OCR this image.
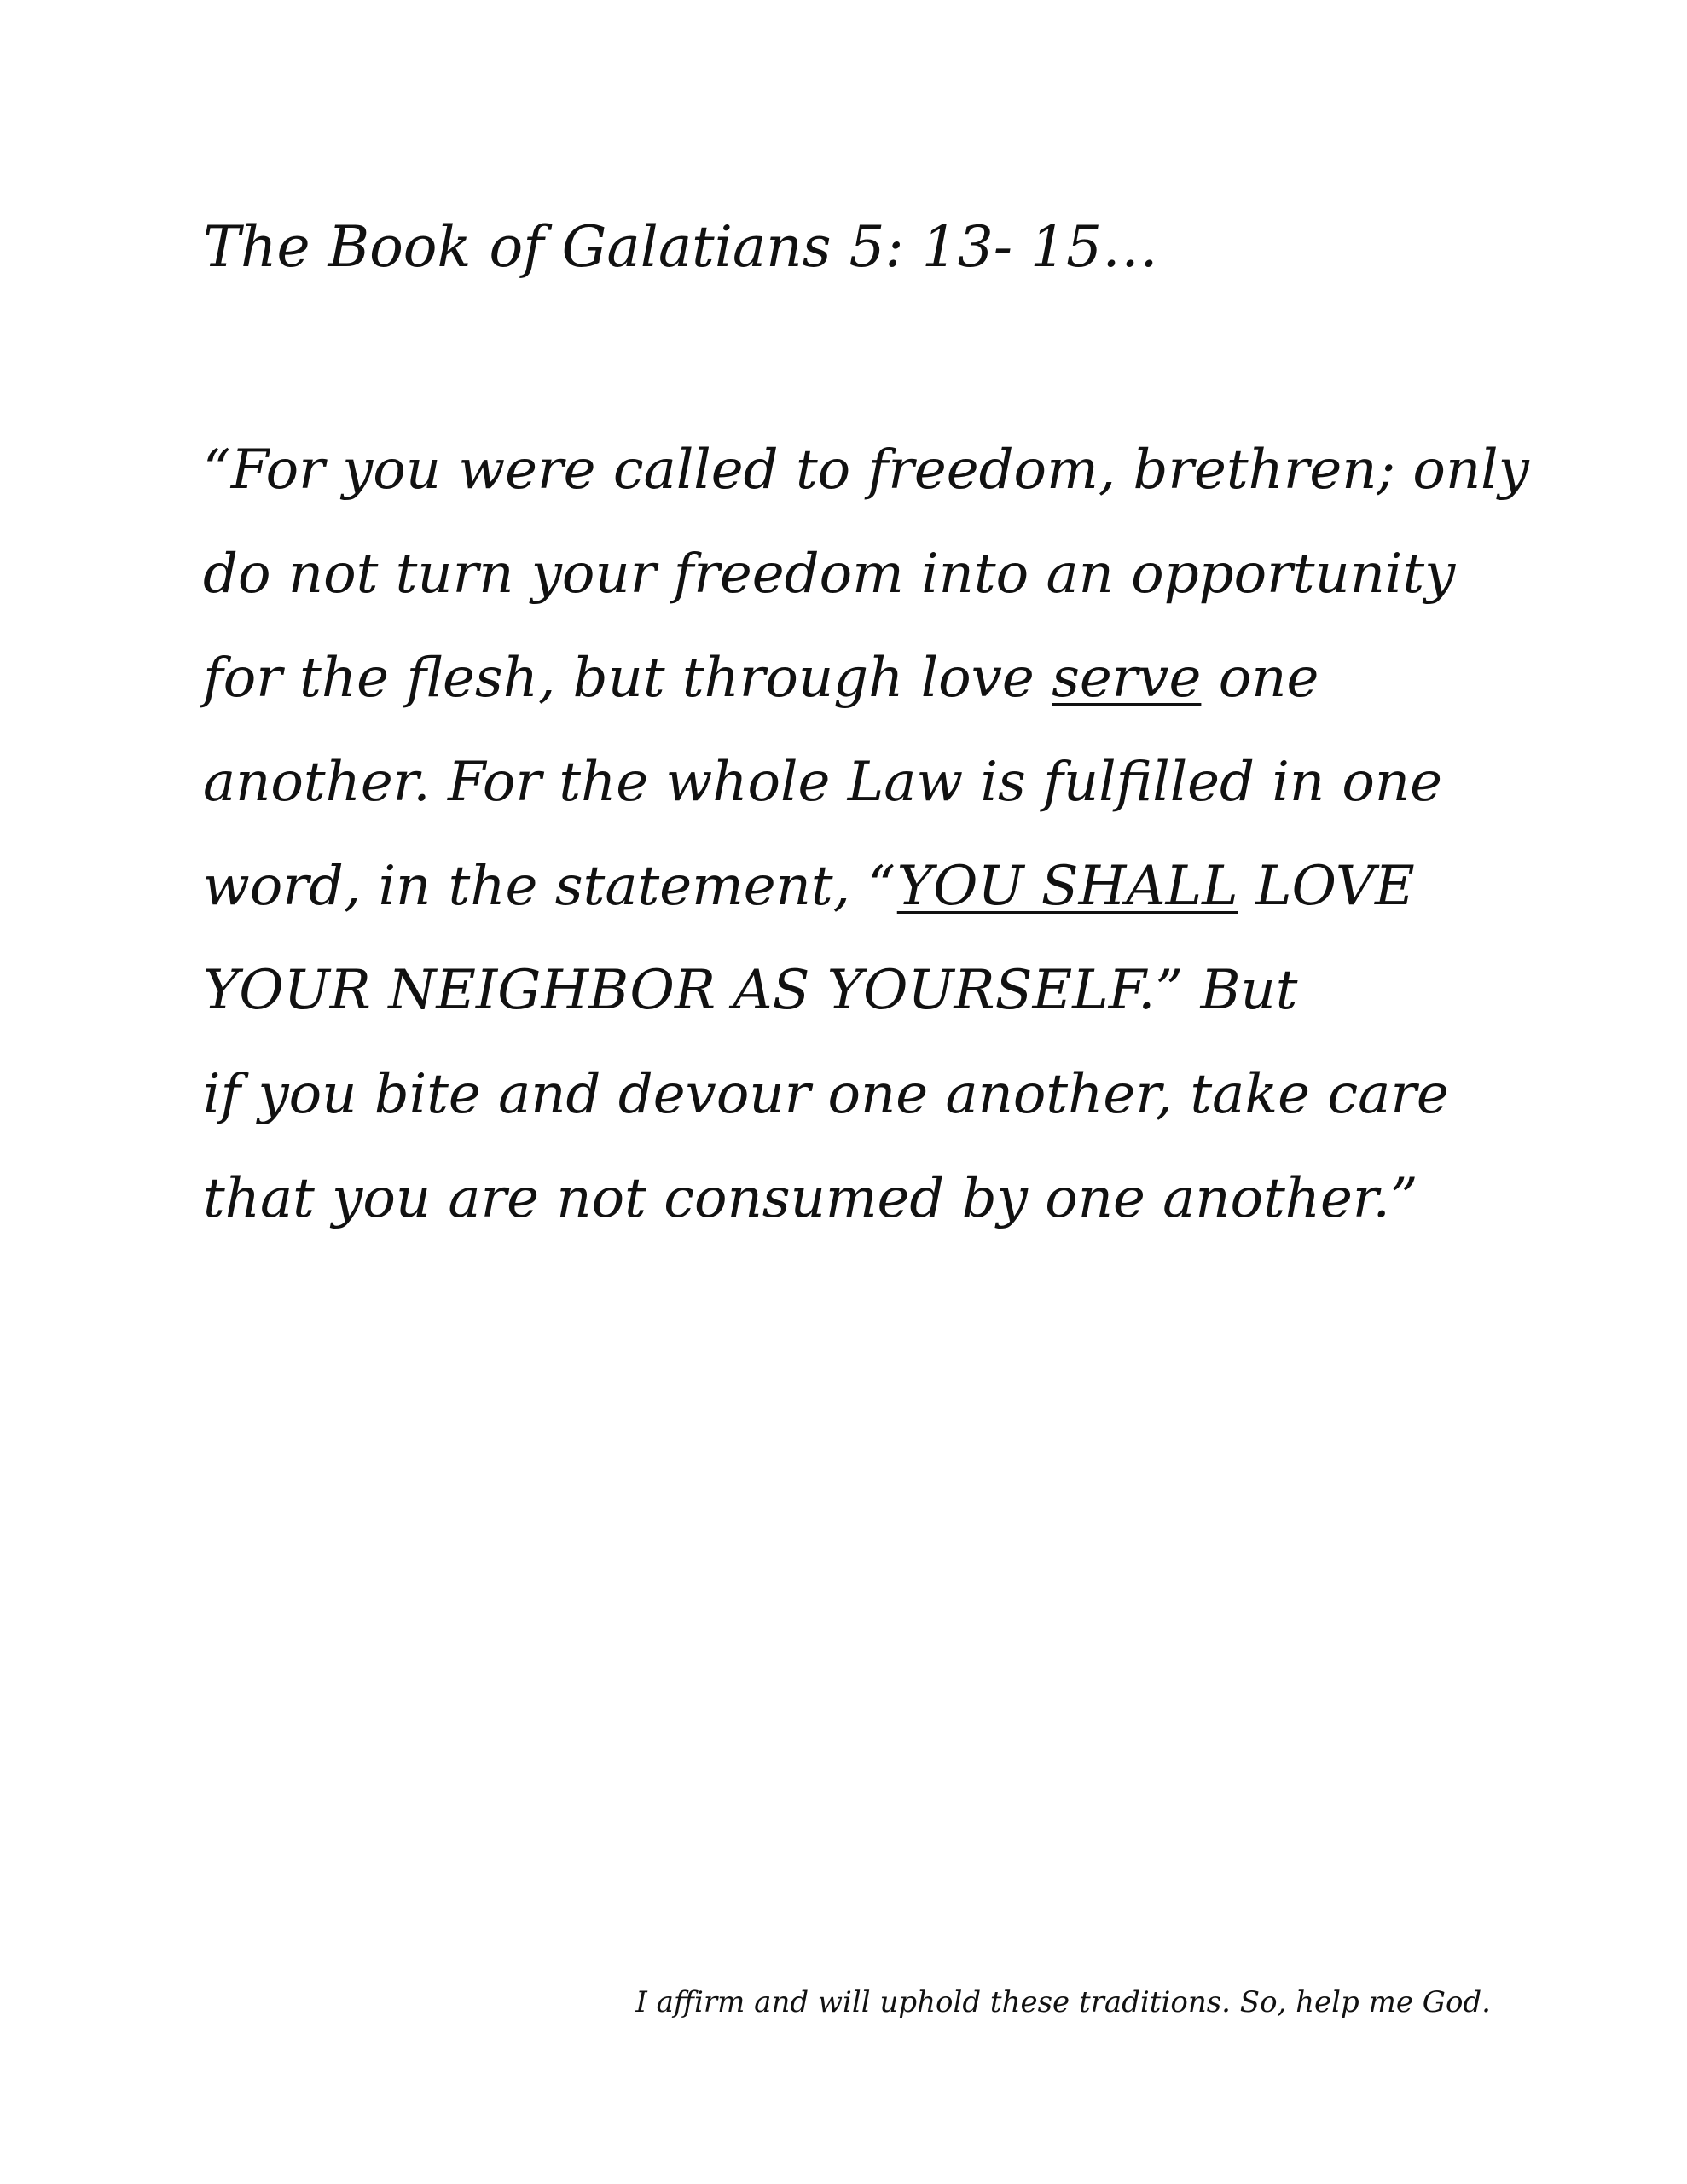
The Book of Galatians 5: 13- 15…

“For you were called to freedom, brethren; only
do not turn your freedom into an opportunity
for the flesh, but through love serve one
another. For the whole Law is fulfilled in one
word, in the statement, “YOU SHALL LOVE
YOUR NEIGHBOR AS YOURSELF.” But
if you bite and devour one another, take care
that you are not consumed by one another.”

I affirm and will uphold these traditions. So, help me God.
